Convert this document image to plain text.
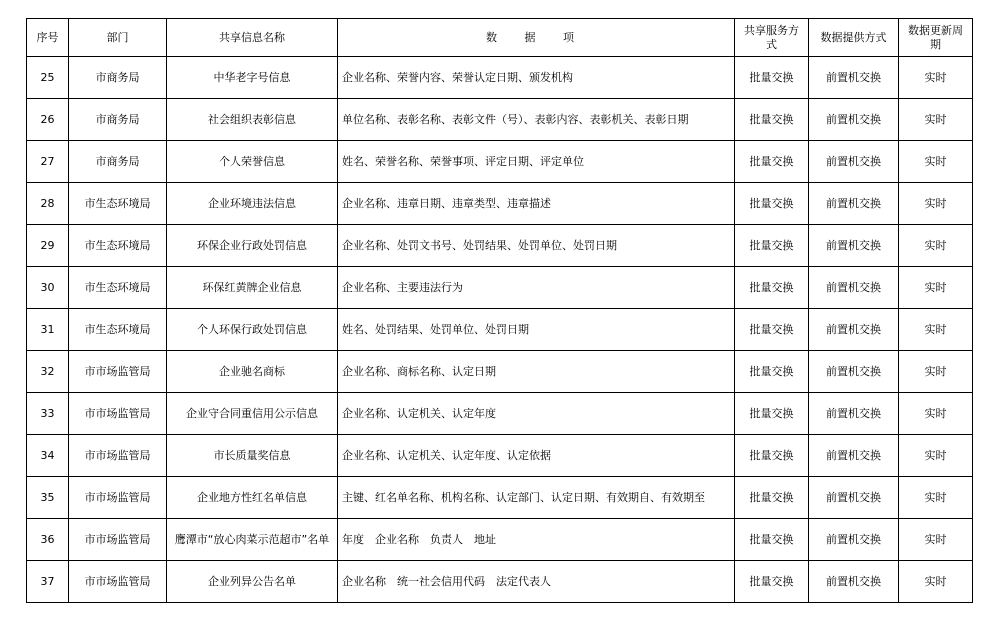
序号	部门	共享信息名称	数 据 项	共享服务方式	数据提供方式	数据更新周期
25	市商务局	中华老字号信息	企业名称、荣誉内容、荣誉认定日期、颁发机构	批量交换	前置机交换	实时
26	市商务局	社会组织表彰信息	单位名称、表彰名称、表彰文件（号）、表彰内容、表彰机关、表彰日期	批量交换	前置机交换	实时
27	市商务局	个人荣誉信息	姓名、荣誉名称、荣誉事项、评定日期、评定单位	批量交换	前置机交换	实时
28	市生态环境局	企业环境违法信息	企业名称、违章日期、违章类型、违章描述	批量交换	前置机交换	实时
29	市生态环境局	环保企业行政处罚信息	企业名称、处罚文书号、处罚结果、处罚单位、处罚日期	批量交换	前置机交换	实时
30	市生态环境局	环保红黄牌企业信息	企业名称、主要违法行为	批量交换	前置机交换	实时
31	市生态环境局	个人环保行政处罚信息	姓名、处罚结果、处罚单位、处罚日期	批量交换	前置机交换	实时
32	市市场监管局	企业驰名商标	企业名称、商标名称、认定日期	批量交换	前置机交换	实时
33	市市场监管局	企业守合同重信用公示信息	企业名称、认定机关、认定年度	批量交换	前置机交换	实时
34	市市场监管局	市长质量奖信息	企业名称、认定机关、认定年度、认定依据	批量交换	前置机交换	实时
35	市市场监管局	企业地方性红名单信息	主键、红名单名称、机构名称、认定部门、认定日期、有效期自、有效期至	批量交换	前置机交换	实时
36	市市场监管局	鹰潭市“放心肉菜示范超市”名单	年度　企业名称　负责人　地址	批量交换	前置机交换	实时
37	市市场监管局	企业列异公告名单	企业名称　统一社会信用代码　法定代表人	批量交换	前置机交换	实时
